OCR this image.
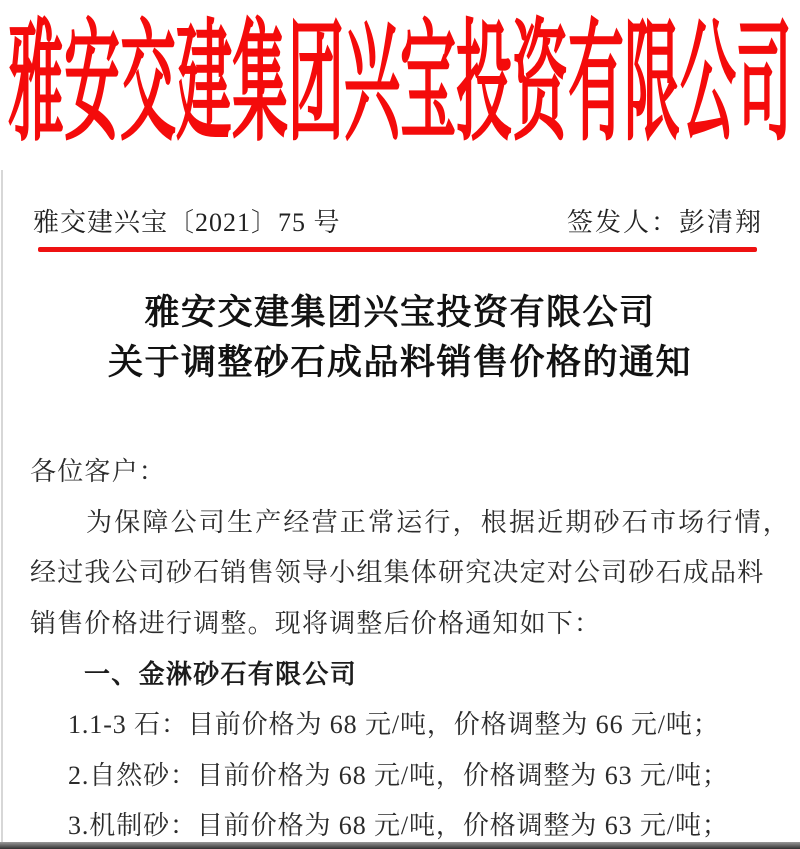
雅安交建集团兴宝投资有限公司
雅交建兴宝〔2021〕75 号	签发人：彭清翔
雅安交建集团兴宝投资有限公司
关于调整砂石成品料销售价格的通知
各位客户：
为保障公司生产经营正常运行，根据近期砂石市场行情，
经过我公司砂石销售领导小组集体研究决定对公司砂石成品料
销售价格进行调整。现将调整后价格通知如下：
一、金淋砂石有限公司
1.1-3 石：目前价格为 68 元/吨，价格调整为 66 元/吨；
2.自然砂：目前价格为 68 元/吨，价格调整为 63 元/吨；
3.机制砂：目前价格为 68 元/吨，价格调整为 63 元/吨；
